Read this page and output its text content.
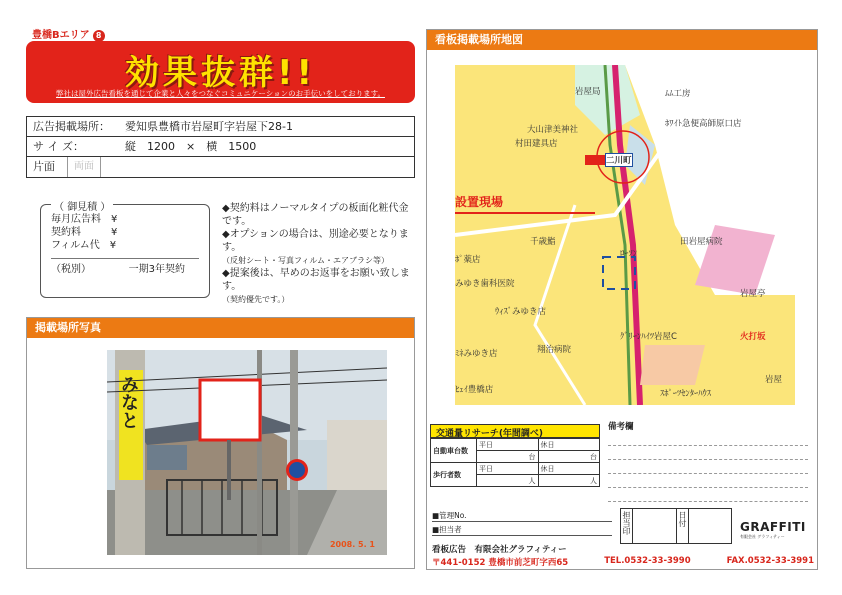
豊橋Bエリア 8
効果抜群!!
弊社は屋外広告看板を通じて企業と人々をつなぐコミュニケーションのお手伝いをしております。
広告掲載場所：	愛知県豊橋市岩屋町字岩屋下28-1
サ イ ズ：	縦　1200　×　横　1500
片面	両面
（ 御見積 ）
毎月広告料　¥
契約料　　　¥
フィルム代　¥
（税別）	一期3年契約
◆契約料はノーマルタイプの板面化粧代金です。
◆オプションの場合は、別途必要となります。
（反射シート・写真フィルム・エアブラシ等）
◆提案後は、早めのお返事をお願い致します。
（契約優先です。）
掲載場所写真
みなと
2008. 5. 1
看板掲載場所地図
岩屋局	ﾑﾑ工房
大山津美神社
ﾎﾜｲﾄ急便高師原口店
村田建具店
二川町
設置現場
千歳鮨
ﾛｰｿﾝ
田岩屋病院
みゆき歯科医院
ｳｨｽﾞみゆき店
岩屋亭
翔治病院
ｸﾞﾘｰﾝﾊｲﾂ岩屋C	火打坂
ﾋｪｲ豊橋店	ｽﾎﾟｰﾂｾﾝﾀｰﾊｳｽ
岩屋
ﾐﾈみゆき店
ﾎﾟ薬店
交通量リサーチ(年間調べ)
自動車台数	平日	休日
	台	台
歩行者数	平日	休日
	人	人
備考欄
■管理No.
■担当者	担当印	日付	GRAFFITI
有限会社 グラフィティー
看板広告　有限会社グラフィティー
〒441-0152 豊橋市前芝町字西65	TEL.0532-33-3990	FAX.0532-33-3991
